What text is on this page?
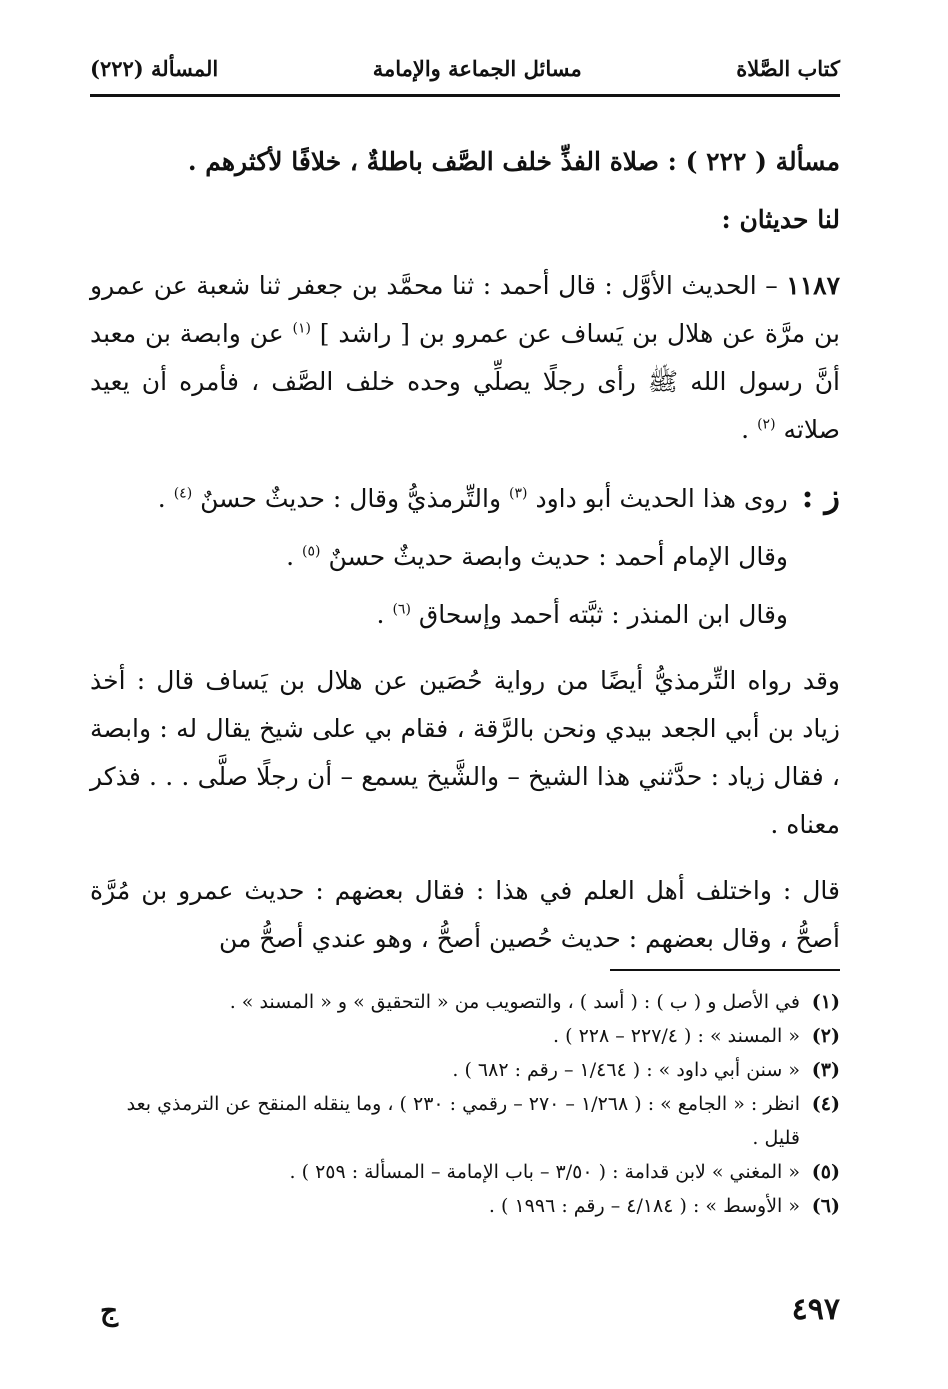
كتاب الصَّلاة
مسائل الجماعة والإمامة
المسألة (٢٢٢)

مسألة ( ٢٢٢ ) : صلاة الفذِّ خلف الصَّف باطلةٌ ، خلافًا لأكثرهم .

لنا حديثان :

١١٨٧ – الحديث الأوَّل : قال أحمد : ثنا محمَّد بن جعفر ثنا شعبة عن عمرو بن مرَّة عن هلال بن يَساف عن عمرو بن [ راشد ] $^{(١)}$ عن وابصة بن معبد أنَّ رسول الله ﷺ رأى رجلًا يصلِّي وحده خلف الصَّف ، فأمره أن يعيد صلاته $^{(٢)}$ .

ز : روى هذا الحديث أبو داود $^{(٣)}$ والتِّرمذيُّ وقال : حديثٌ حسنٌ $^{(٤)}$ .

وقال الإمام أحمد : حديث وابصة حديثٌ حسنٌ $^{(٥)}$ .

وقال ابن المنذر : ثبَّته أحمد وإسحاق $^{(٦)}$ .

وقد رواه التِّرمذيُّ أيضًا من رواية حُصَين عن هلال بن يَساف قال : أخذ زياد بن أبي الجعد بيدي ونحن بالرَّقة ، فقام بي على شيخ يقال له : وابصة ، فقال زياد : حدَّثني هذا الشيخ – والشَّيخ يسمع – أن رجلًا صلَّى . . . فذكر معناه .

قال : واختلف أهل العلم في هذا : فقال بعضهم : حديث عمرو بن مُرَّة أصحُّ ، وقال بعضهم : حديث حُصين أصحُّ ، وهو عندي أصحُّ من

(١)
في الأصل و ( ب ) : ( أسد ) ، والتصويب من « التحقيق » و « المسند » .
(٢)
« المسند » : ( ٢٢٧/٤ – ٢٢٨ ) .
(٣)
« سنن أبي داود » : ( ١/٤٦٤ – رقم : ٦٨٢ ) .
(٤)
انظر : « الجامع » : ( ١/٢٦٨ – ٢٧٠ – رقمي : ٢٣٠ ) ، وما ينقله المنقح عن الترمذي بعد قليل .
(٥)
« المغني » لابن قدامة : ( ٣/٥٠ – باب الإمامة – المسألة : ٢٥٩ ) .
(٦)
« الأوسط » : ( ٤/١٨٤ – رقم : ١٩٩٦ ) .
٤٩٧
ج
